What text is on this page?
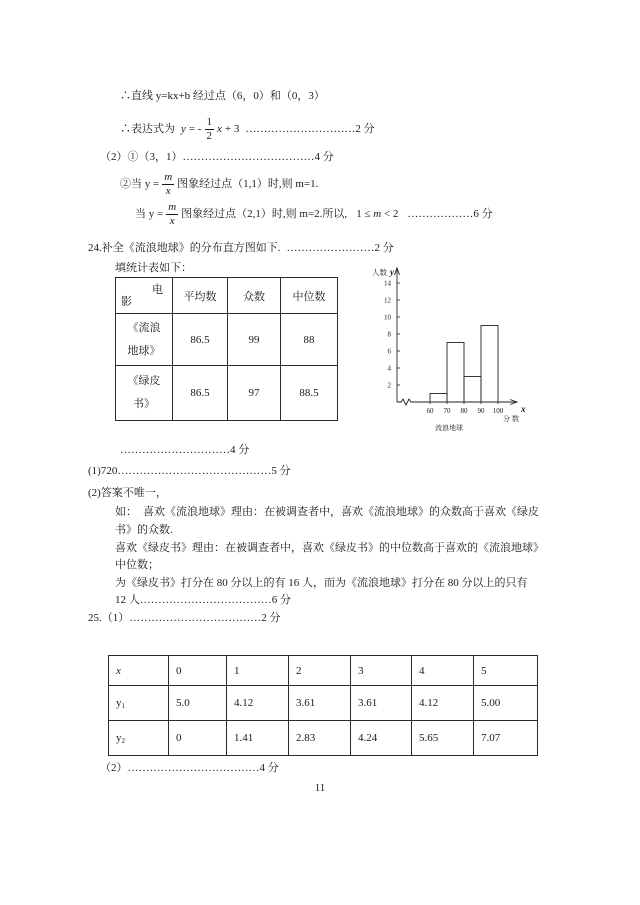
∴直线 y=kx+b 经过点（6，0）和（0，3）
∴表达式为 y = - $\frac{1}{2}$ x + 3 ………………………… 2 分
（2）①（3，1）………………………………4 分
②当 $y = \frac{m}{x}$ 图象经过点（1,1）时,则 m=1.
当 $y = \frac{m}{x}$ 图象经过点（2,1）时,则 m=2.所以, 1 ≤ m < 2 ……………… 6 分
24.补全《流浪地球》的分布直方图如下. ……………………2 分
填统计表如下：
电
影	平均数	众数	中位数

《流浪
地球》	86.5	99	88

《绿皮
书》	86.5	97	88.5
人数 y
x
分数
流浪地球
2
4
6
8
10
12
14
60 70 80 90 100
…………………………4 分
(1)720……………………………………5 分
(2)答案不唯一，
如： 喜欢《流浪地球》理由：在被调查者中，喜欢《流浪地球》的众数高于喜欢《绿皮
书》的众数.
喜欢《绿皮书》理由：在被调查者中，喜欢《绿皮书》的中位数高于喜欢的《流浪地球》
中位数；
为《绿皮书》打分在 80 分以上的有 16 人，而为《流浪地球》打分在 80 分以上的只有
12 人………………………………6 分
25.（1）………………………………2 分
x	0	1	2	3	4	5
$y_1$	5.0	4.12	3.61	3.61	4.12	5.00
$y_2$	0	1.41	2.83	4.24	5.65	7.07
（2）………………………………4 分
11
